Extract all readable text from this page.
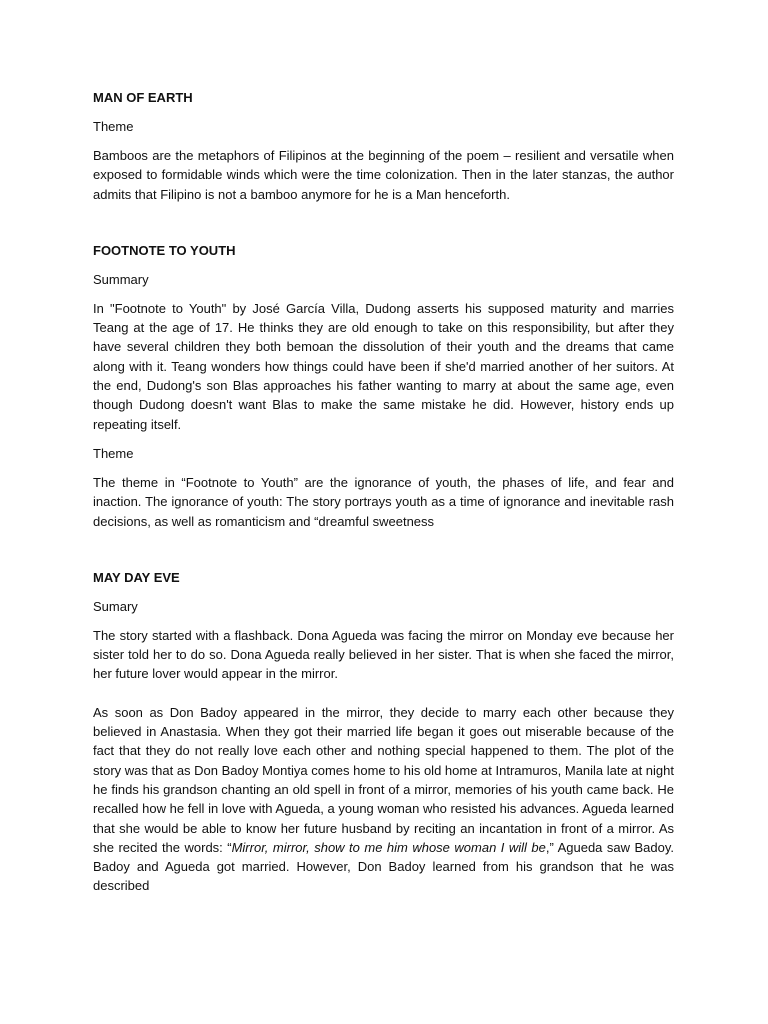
MAN OF EARTH
Theme
Bamboos are the metaphors of Filipinos at the beginning of the poem – resilient and versatile when exposed to formidable winds which were the time colonization. Then in the later stanzas, the author admits that Filipino is not a bamboo anymore for he is a Man henceforth.
FOOTNOTE TO YOUTH
Summary
In "Footnote to Youth" by José García Villa, Dudong asserts his supposed maturity and marries Teang at the age of 17. He thinks they are old enough to take on this responsibility, but after they have several children they both bemoan the dissolution of their youth and the dreams that came along with it. Teang wonders how things could have been if she'd married another of her suitors. At the end, Dudong's son Blas approaches his father wanting to marry at about the same age, even though Dudong doesn't want Blas to make the same mistake he did. However, history ends up repeating itself.
Theme
The theme in “Footnote to Youth” are the ignorance of youth, the phases of life, and fear and inaction. The ignorance of youth: The story portrays youth as a time of ignorance and inevitable rash decisions, as well as romanticism and “dreamful sweetness
MAY DAY EVE
Sumary
The story started with a flashback. Dona Agueda was facing the mirror on Monday eve because her sister told her to do so. Dona Agueda really believed in her sister. That is when she faced the mirror, her future lover would appear in the mirror.
As soon as Don Badoy appeared in the mirror, they decide to marry each other because they believed in Anastasia. When they got their married life began it goes out miserable because of the fact that they do not really love each other and nothing special happened to them. The plot of the story was that as Don Badoy Montiya comes home to his old home at Intramuros, Manila late at night he finds his grandson chanting an old spell in front of a mirror, memories of his youth came back. He recalled how he fell in love with Agueda, a young woman who resisted his advances. Agueda learned that she would be able to know her future husband by reciting an incantation in front of a mirror. As she recited the words: “Mirror, mirror, show to me him whose woman I will be,” Agueda saw Badoy. Badoy and Agueda got married. However, Don Badoy learned from his grandson that he was described
